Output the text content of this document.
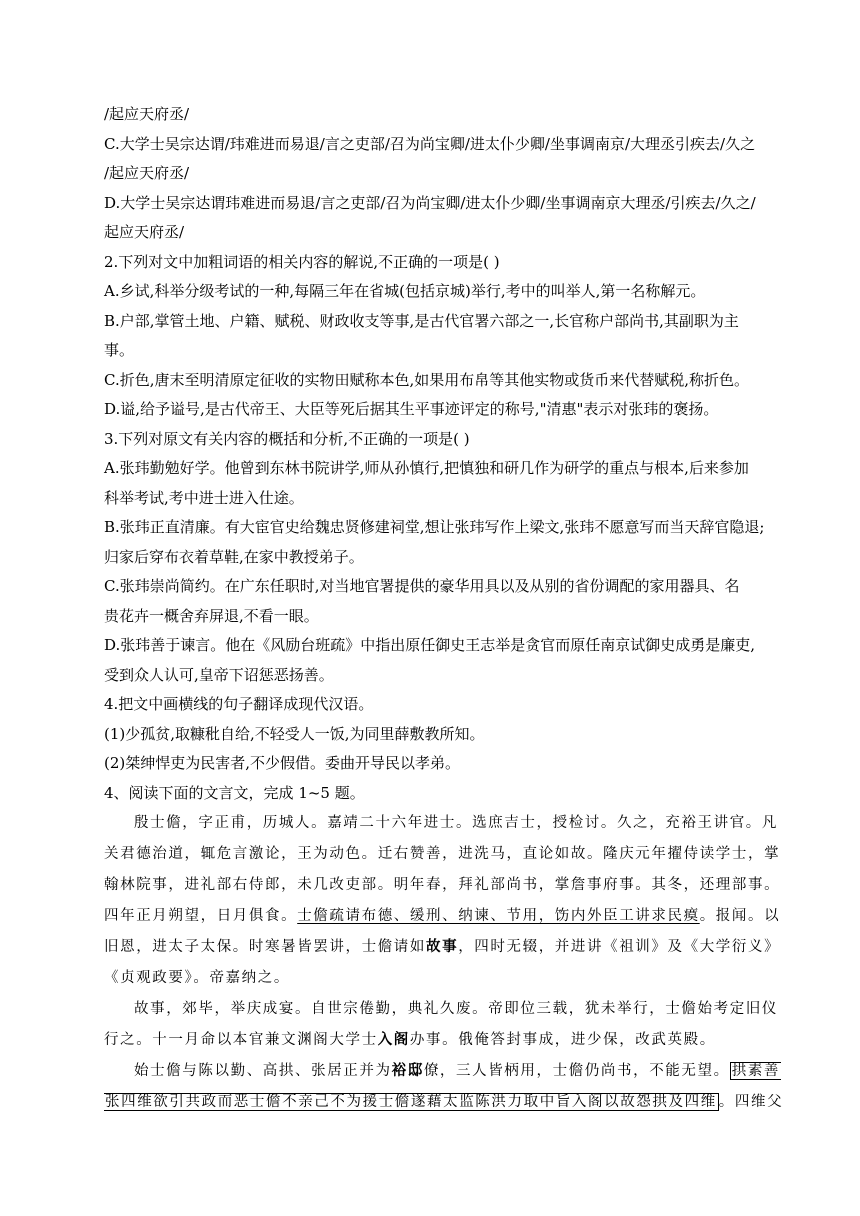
/起应天府丞/
C.大学士吴宗达谓/玮难进而易退/言之吏部/召为尚宝卿/进太仆少卿/坐事调南京/大理丞引疾去/久之
/起应天府丞/
D.大学士吴宗达谓玮难进而易退/言之吏部/召为尚宝卿/进太仆少卿/坐事调南京大理丞/引疾去/久之/
起应天府丞/
2.下列对文中加粗词语的相关内容的解说,不正确的一项是( )
A.乡试,科举分级考试的一种,每隔三年在省城(包括京城)举行,考中的叫举人,第一名称解元。
B.户部,掌管土地、户籍、赋税、财政收支等事,是古代官署六部之一,长官称户部尚书,其副职为主
事。
C.折色,唐末至明清原定征收的实物田赋称本色,如果用布帛等其他实物或货币来代替赋税,称折色。
D.谥,给予谥号,是古代帝王、大臣等死后据其生平事迹评定的称号,"清惠"表示对张玮的褒扬。
3.下列对原文有关内容的概括和分析,不正确的一项是( )
A.张玮勤勉好学。他曾到东林书院讲学,师从孙慎行,把慎独和研几作为研学的重点与根本,后来参加
科举考试,考中进士进入仕途。
B.张玮正直清廉。有大宦官史给魏忠贤修建祠堂,想让张玮写作上梁文,张玮不愿意写而当天辞官隐退;
归家后穿布衣着草鞋,在家中教授弟子。
C.张玮崇尚简约。在广东任职时,对当地官署提供的豪华用具以及从别的省份调配的家用器具、名
贵花卉一概舍弃屏退,不看一眼。
D.张玮善于谏言。他在《风励台班疏》中指出原任御史王志举是贪官而原任南京试御史成勇是廉吏,
受到众人认可,皇帝下诏惩恶扬善。
4.把文中画横线的句子翻译成现代汉语。
(1)少孤贫,取糠秕自给,不轻受人一饭,为同里薛敷教所知。
(2)桀绅悍吏为民害者,不少假借。委曲开导民以孝弟。
4、阅读下面的文言文，完成 1~5 题。
殷士儋，字正甫，历城人。嘉靖二十六年进士。选庶吉士，授检讨。久之，充裕王讲官。凡
关君德治道，辄危言激论，王为动色。迁右赞善，进洗马，直论如故。隆庆元年擢侍读学士，掌
翰林院事，进礼部右侍郎，未几改吏部。明年春，拜礼部尚书，掌詹事府事。其冬，还理部事。
四年正月朔望，日月俱食。士儋疏请布德、缓刑、纳谏、节用，饬内外臣工讲求民瘼。报闻。以
旧恩，进太子太保。时寒暑皆罢讲，士儋请如故事，四时无辍，并进讲《祖训》及《大学衍义》
《贞观政要》。帝嘉纳之。
故事，郊毕，举庆成宴。自世宗倦勤，典礼久废。帝即位三载，犹未举行，士儋始考定旧仪
行之。十一月命以本官兼文渊阁大学士入阁办事。俄俺答封事成，进少保，改武英殿。
始士儋与陈以勤、高拱、张居正并为裕邸僚，三人皆柄用，士儋仍尚书，不能无望。 拱素善
张四维欲引共政而恶士儋不亲己不为援士儋遂藉太监陈洪力取中旨入阁以故怨拱及四维 。四维父
